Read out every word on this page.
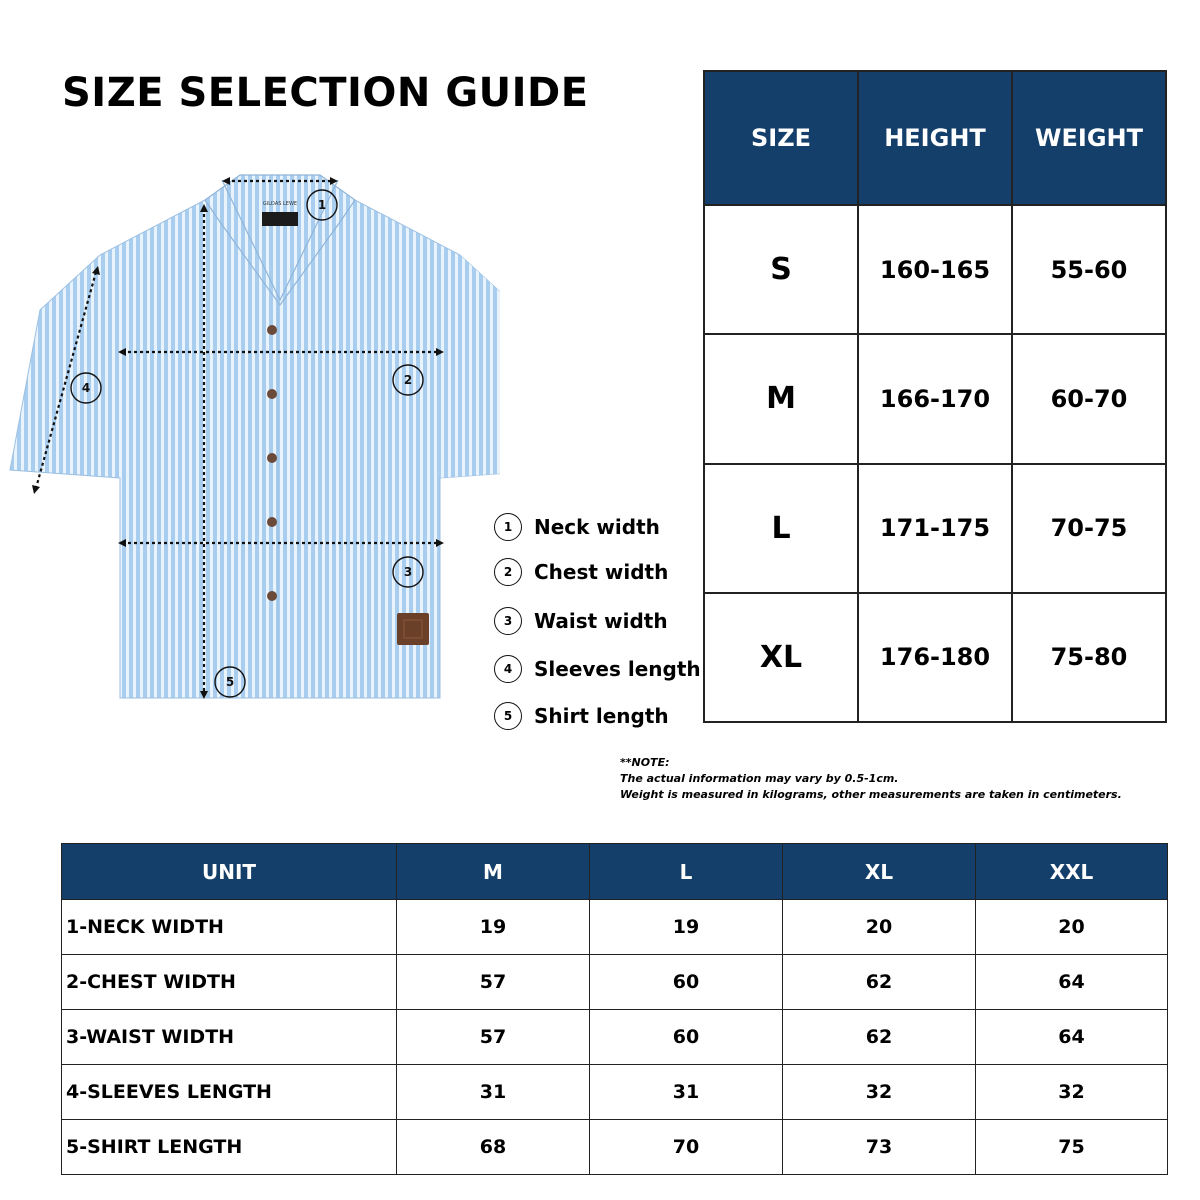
SIZE SELECTION GUIDE
SIZE	HEIGHT	WEIGHT
S	160-165	55-60
M	166-170	60-70
L	171-175	70-75
XL	176-180	75-80
GILDAS LEWE 1
2
3
4
5
1	Neck width
2	Chest width
3	Waist width
4	Sleeves length
5	Shirt length
**NOTE:
The actual information may vary by 0.5-1cm.
Weight is measured in kilograms, other measurements are taken in centimeters.
UNIT	M	L	XL	XXL
1-NECK WIDTH	19	19	20	20
2-CHEST WIDTH	57	60	62	64
3-WAIST WIDTH	57	60	62	64
4-SLEEVES LENGTH	31	31	32	32
5-SHIRT LENGTH	68	70	73	75
